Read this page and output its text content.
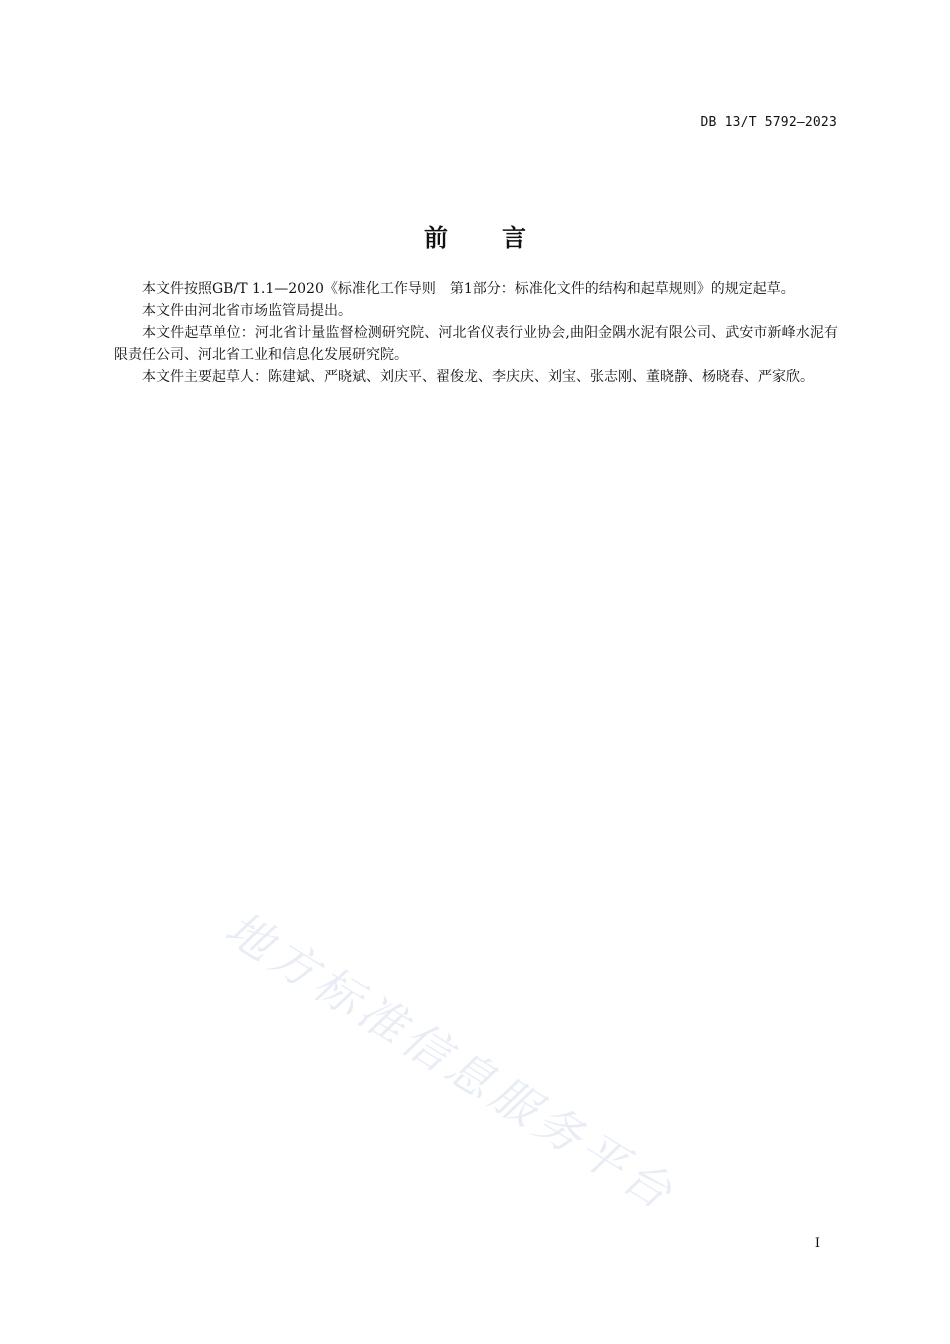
DB 13/T 5792—2023
前 言

本文件按照GB/T 1.1—2020《标准化工作导则　第1部分：标准化文件的结构和起草规则》的规定起草。

本文件由河北省市场监管局提出。

本文件起草单位：河北省计量监督检测研究院、河北省仪表行业协会,曲阳金隅水泥有限公司、武安市新峰水泥有限责任公司、河北省工业和信息化发展研究院。

本文件主要起草人：陈建斌、严晓斌、刘庆平、翟俊龙、李庆庆、刘宝、张志刚、董晓静、杨晓春、严家欣。

地方标准信息服务平台
I
